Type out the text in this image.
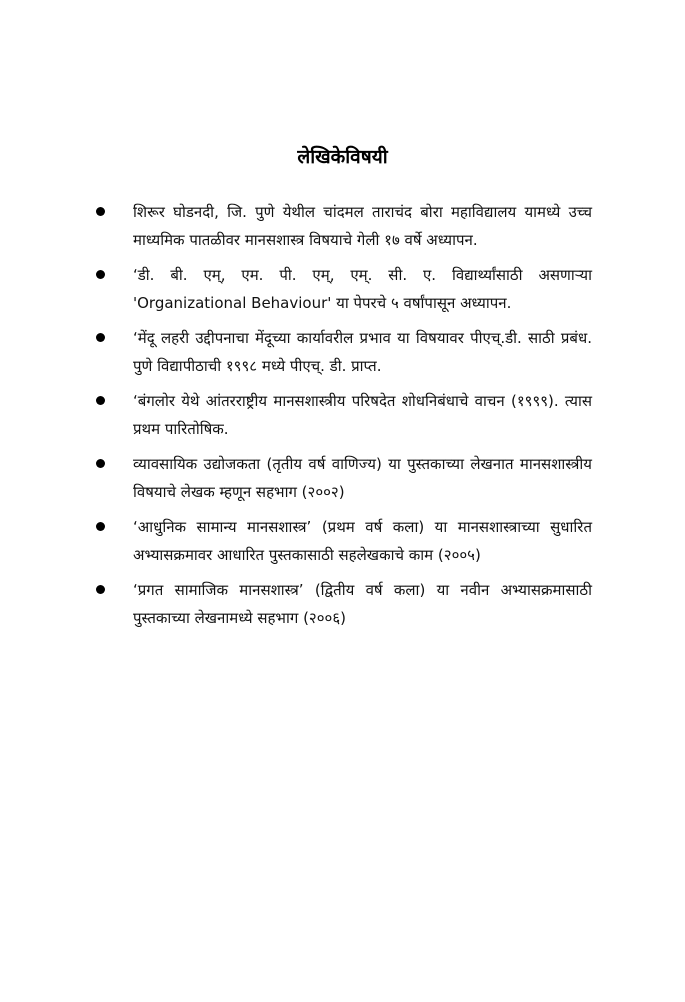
लेखिकेविषयी
शिरूर घोडनदी, जि. पुणे येथील चांदमल ताराचंद बोरा महाविद्यालय यामध्ये उच्च माध्यमिक पातळीवर मानसशास्त्र विषयाचे गेली १७ वर्षे अध्यापन.
‘डी. बी. एम्, एम. पी. एम्, एम्. सी. ए. विद्यार्थ्यांसाठी असणाऱ्या 'Organizational Behaviour' या पेपरचे ५ वर्षांपासून अध्यापन.
‘मेंदू लहरी उद्दीपनाचा मेंदूच्या कार्यावरील प्रभाव या विषयावर पीएच्.डी. साठी प्रबंध. पुणे विद्यापीठाची १९९८ मध्ये पीएच्. डी. प्राप्त.
‘बंगलोर येथे आंतरराष्ट्रीय मानसशास्त्रीय परिषदेत शोधनिबंधाचे वाचन (१९९९). त्यास प्रथम पारितोषिक.
व्यावसायिक उद्योजकता (तृतीय वर्ष वाणिज्य) या पुस्तकाच्या लेखनात मानसशास्त्रीय विषयाचे लेखक म्हणून सहभाग (२००२)
‘आधुनिक सामान्य मानसशास्त्र’ (प्रथम वर्ष कला) या मानसशास्त्राच्या सुधारित अभ्यासक्रमावर आधारित पुस्तकासाठी सहलेखकाचे काम (२००५)
‘प्रगत सामाजिक मानसशास्त्र’ (द्वितीय वर्ष कला) या नवीन अभ्यासक्रमासाठी पुस्तकाच्या लेखनामध्ये सहभाग (२००६)
